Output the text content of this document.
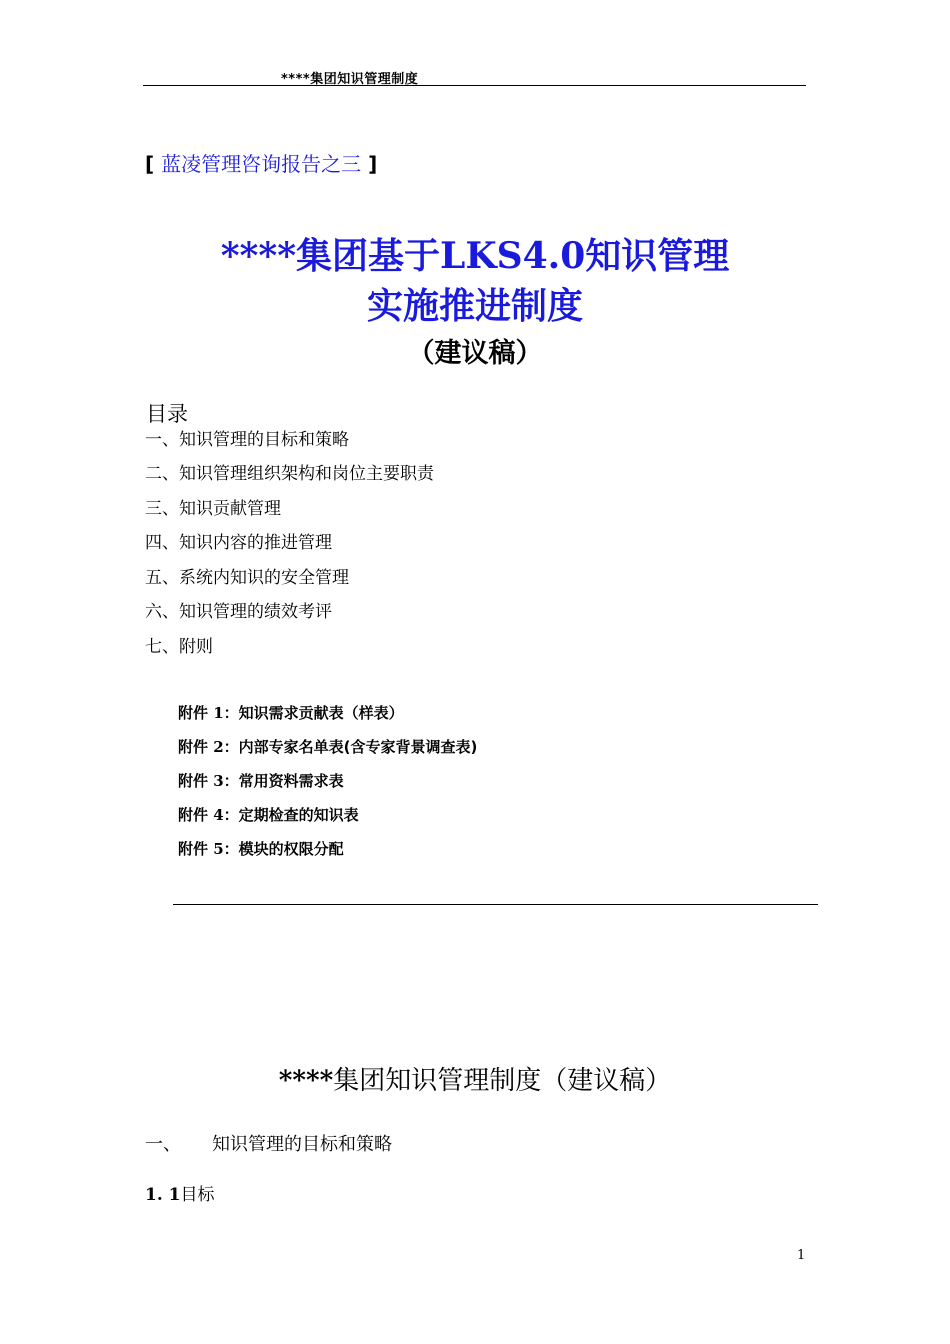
****集团知识管理制度
[ 蓝凌管理咨询报告之三 ]
****集团基于LKS4.0知识管理
实施推进制度
（建议稿）
目录
一、知识管理的目标和策略
二、知识管理组织架构和岗位主要职责
三、知识贡献管理
四、知识内容的推进管理
五、系统内知识的安全管理
六、知识管理的绩效考评
七、附则
附件 1：知识需求贡献表（样表）
附件 2：内部专家名单表(含专家背景调查表)
附件 3：常用资料需求表
附件 4：定期检查的知识表
附件 5：模块的权限分配
****集团知识管理制度（建议稿）
一、 知识管理的目标和策略
1. 1目标
1
